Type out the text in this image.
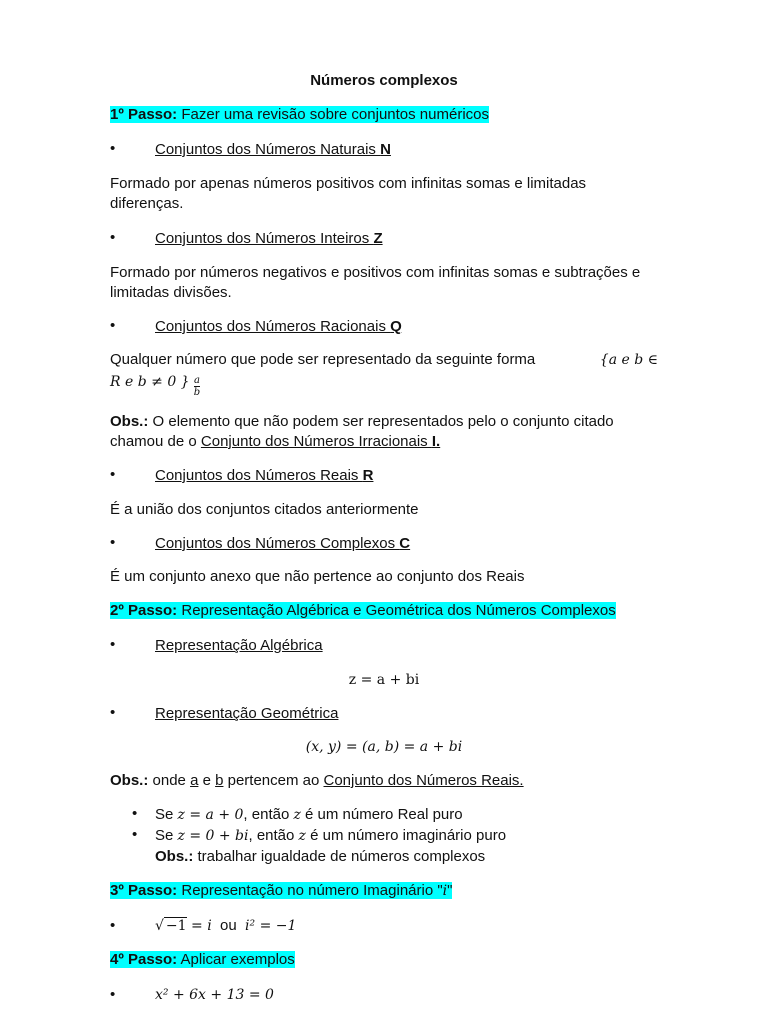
Números complexos
1º Passo: Fazer uma revisão sobre conjuntos numéricos
•	Conjuntos dos Números Naturais N
Formado por apenas números positivos com infinitas somas e limitadas
diferenças.
•	Conjuntos dos Números Inteiros Z
Formado por números negativos e positivos com infinitas somas e subtrações e
limitadas divisões.
•	Conjuntos dos Números Racionais Q
Qualquer número que pode ser representado da seguinte forma	{𝑎 𝑒 𝑏 ∈
𝑅 𝑒 𝑏 ≠ 0 } $\frac{a}{b}$
Obs.: O elemento que não podem ser representados pelo o conjunto citado
chamou de o Conjunto dos Números Irracionais I.
•	Conjuntos dos Números Reais R
É a união dos conjuntos citados anteriormente
•	Conjuntos dos Números Complexos C
É um conjunto anexo que não pertence ao conjunto dos Reais
2º Passo: Representação Algébrica e Geométrica dos Números Complexos
•	Representação Algébrica
z = a + bi
•	Representação Geométrica
(x, y) = (a, b) = a + bi
Obs.: onde a e b pertencem ao Conjunto dos Números Reais.
• Se z = a + 0, então z é um número Real puro
• Se z = 0 + bi, então z é um número imaginário puro
Obs.: trabalhar igualdade de números complexos
3º Passo: Representação no número Imaginário "i"
•	√ −1 = i  ou  i² = −1
4º Passo: Aplicar exemplos
•	x² + 6x + 13 = 0
